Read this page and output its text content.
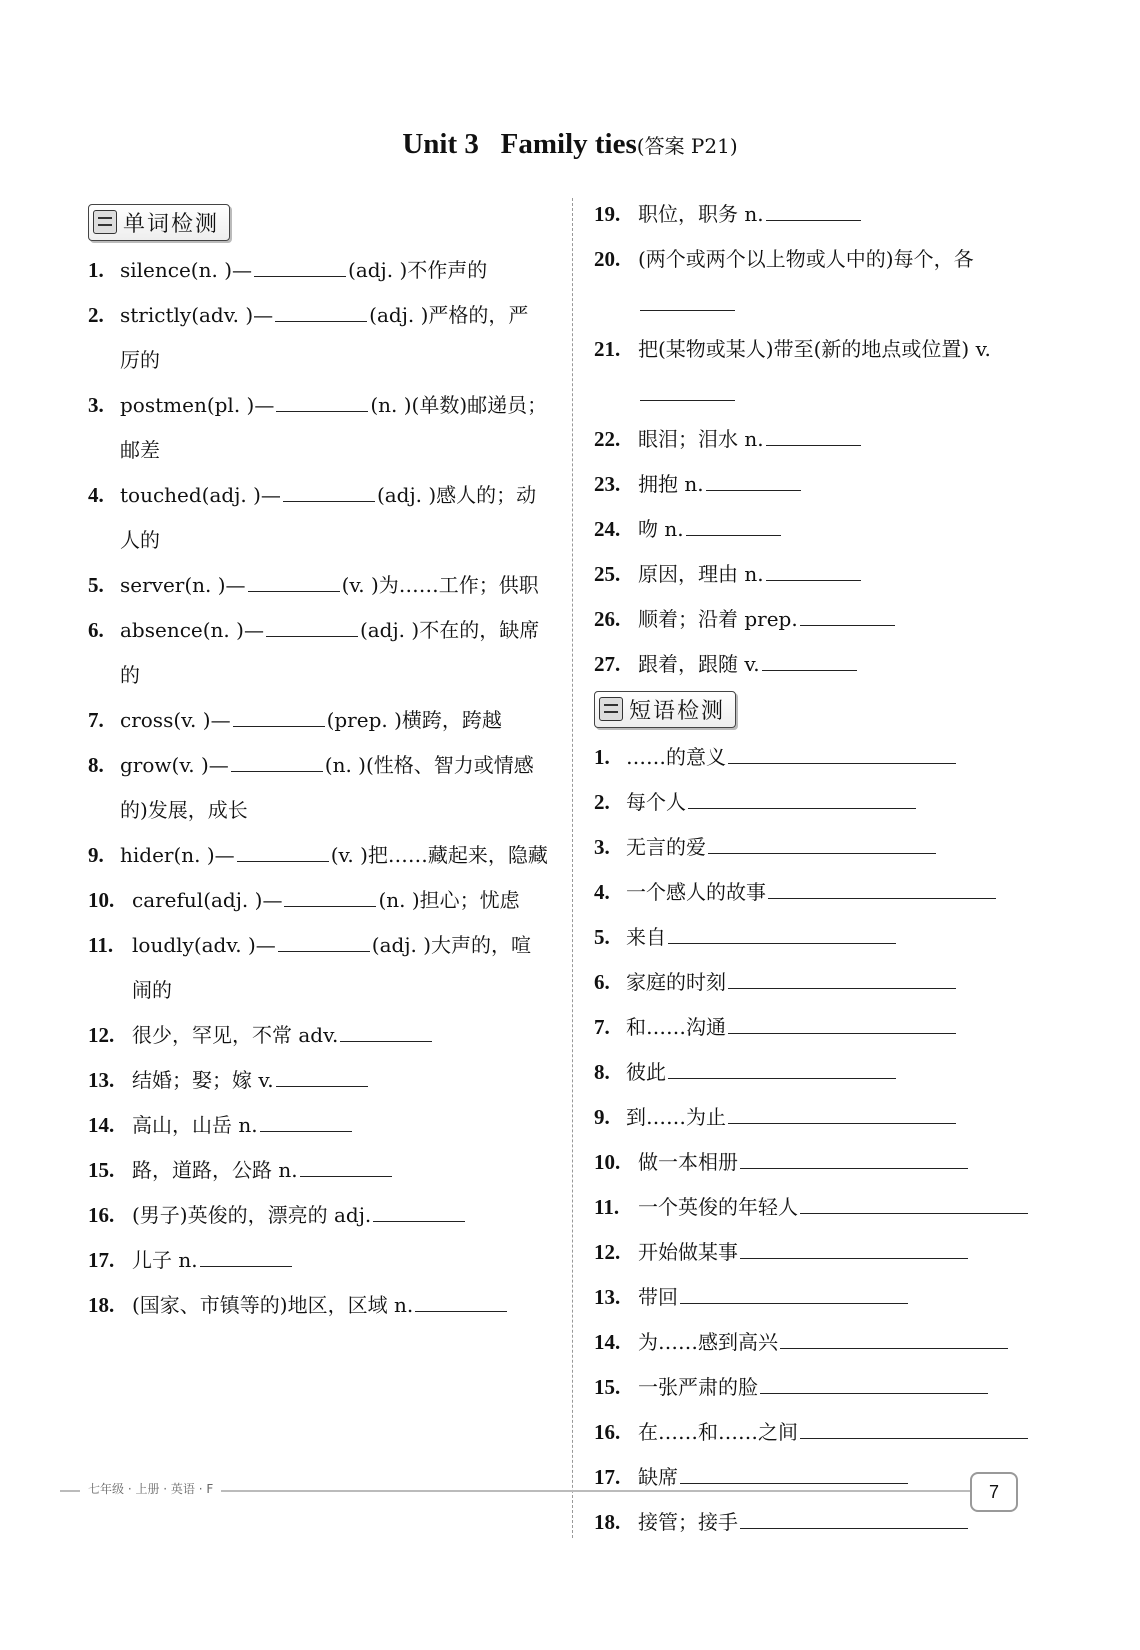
Unit 3   Family ties(答案 P21)
单词检测
1. silence(n. )—	(adj. )不作声的
2. strictly(adv. )—	(adj. )严格的，严厉的
3. postmen(pl. )—	(n. )(单数)邮递员；邮差
4. touched(adj. )—	(adj. )感人的；动人的
5. server(n. )—	(v. )为……工作；供职
6. absence(n. )—	(adj. )不在的，缺席的
7. cross(v. )—	(prep. )横跨，跨越
8. grow(v. )—	(n. )(性格、智力或情感的)发展，成长
9. hider(n. )—	(v. )把……藏起来，隐藏
10. careful(adj. )—	(n. )担心；忧虑
11. loudly(adv. )—	(adj. )大声的，喧闹的
12. 很少，罕见，不常 adv.
13. 结婚；娶；嫁 v.
14. 高山，山岳 n.
15. 路，道路，公路 n.
16. (男子)英俊的，漂亮的 adj.
17. 儿子 n.
18. (国家、市镇等的)地区，区域 n.
19. 职位，职务 n.
20. (两个或两个以上物或人中的)每个，各
21. 把(某物或某人)带至(新的地点或位置) v.
22. 眼泪；泪水 n.
23. 拥抱 n.
24. 吻 n.
25. 原因，理由 n.
26. 顺着；沿着 prep.
27. 跟着，跟随 v.
短语检测
1. ……的意义
2. 每个人
3. 无言的爱
4. 一个感人的故事
5. 来自
6. 家庭的时刻
7. 和……沟通
8. 彼此
9. 到……为止
10. 做一本相册
11. 一个英俊的年轻人
12. 开始做某事
13. 带回
14. 为……感到高兴
15. 一张严肃的脸
16. 在……和……之间
17. 缺席
18. 接管；接手
七年级 · 上册 · 英语 · F	7
